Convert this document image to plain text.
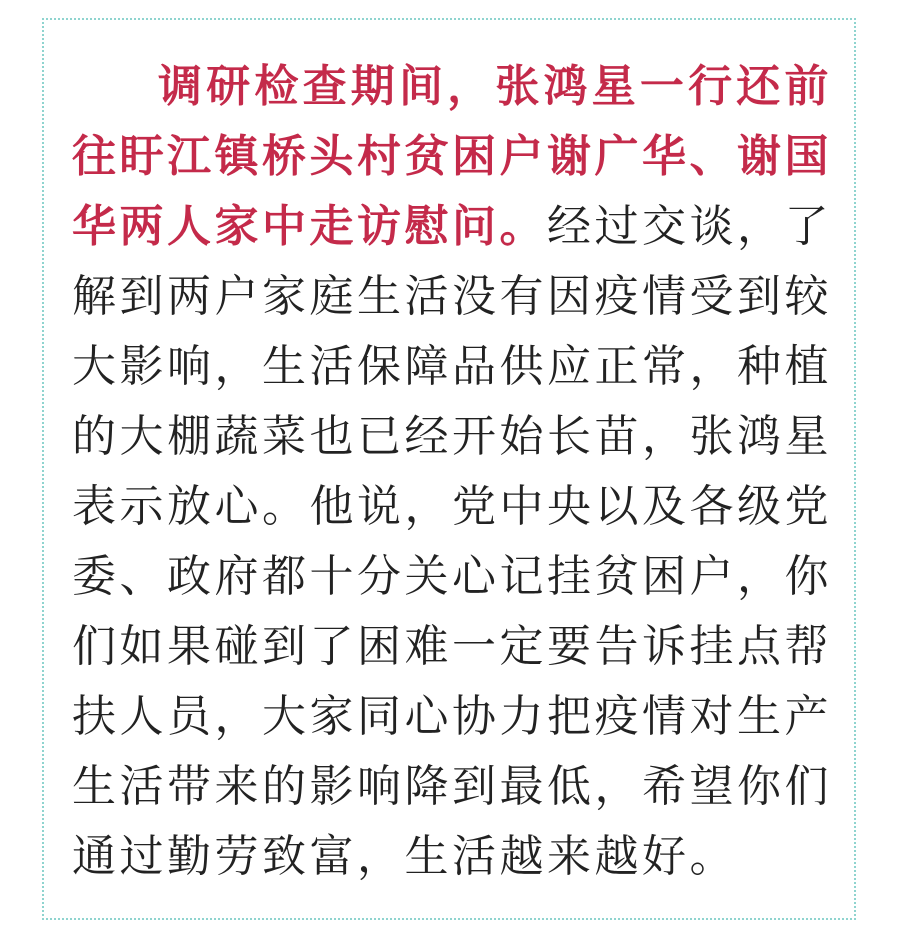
调研检查期间，张鸿星一行还前往盱江镇桥头村贫困户谢广华、谢国华两人家中走访慰问。经过交谈，了解到两户家庭生活没有因疫情受到较大影响，生活保障品供应正常，种植的大棚蔬菜也已经开始长苗，张鸿星表示放心。他说，党中央以及各级党委、政府都十分关心记挂贫困户，你们如果碰到了困难一定要告诉挂点帮扶人员，大家同心协力把疫情对生产生活带来的影响降到最低，希望你们通过勤劳致富，生活越来越好。
